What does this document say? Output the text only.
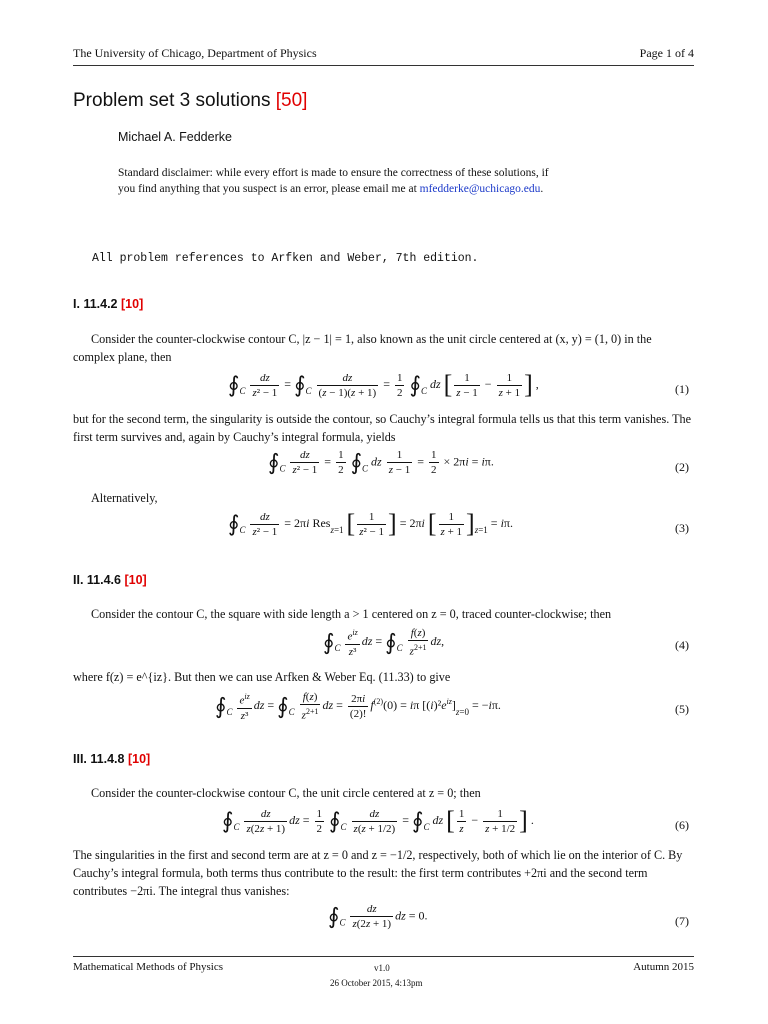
The University of Chicago, Department of Physics	Page 1 of 4
Problem set 3 solutions [50]
Michael A. Fedderke
Standard disclaimer: while every effort is made to ensure the correctness of these solutions, if you find anything that you suspect is an error, please email me at mfedderke@uchicago.edu.
All problem references to Arfken and Weber, 7th edition.
I. 11.4.2 [10]
Consider the counter-clockwise contour C, |z − 1| = 1, also known as the unit circle centered at (x, y) = (1, 0) in the complex plane, then
$∮_C \frac{dz}{\text{z² − 1}}$ = $∮_C \frac{dz}{(z - 1)(z + 1)} = \frac{1}{2}$ $∮_C$ dz [ $\frac{1}{z - 1} - \frac{1}{z + 1}$ ] ,	(1)
but for the second term, the singularity is outside the contour, so Cauchy’s integral formula tells us that this term vanishes. The first term survives and, again by Cauchy’s integral formula, yields
$∮_C \frac{dz}{\text{z² − 1}} = \frac{1}{2}$ $∮_C$ dz $\frac{1}{z - 1} = \frac{1}{2} \times 2\pi i = i\pi$.	(2)
Alternatively,
$∮_C \frac{dz}{\text{z² − 1}} = 2\pi i$ Res$_{z=1}$ [ $\frac{1}{\text{z² − 1}}$ ] = 2πi [ $\frac{1}{z + 1} ]_{z=1} = i\pi$.	(3)
II. 11.4.6 [10]
Consider the contour C, the square with side length a > 1 centered on z = 0, traced counter-clockwise; then
$∮_C \frac{e^{iz}}{\text{z³}}$ dz = $∮_C \frac{f(z)}{z^{2+1}}$ dz,	(4)
where f(z) = e^{iz}. But then we can use Arfken & Weber Eq. (11.33) to give
$∮_C \frac{e^{iz}}{\text{z³}}$ dz = $∮_C \frac{f(z)}{z^{2+1}}$ dz = $\frac{2\pi i}{(2)!} f^{(2)}(0) = i\pi$ $[(i)^2e^{iz}]_{z=0} = -i\pi$.	(5)
III. 11.4.8 [10]
Consider the counter-clockwise contour C, the unit circle centered at z = 0; then
$∮_C \frac{dz}{z(2z + 1)}$ dz = $\frac{1}{2}$ $∮_C \frac{dz}{z(z + 1/2)}$ = $∮_C$ dz [ $\frac{1}{z} - \frac{1}{z + 1/2}$ ] .	(6)
The singularities in the first and second term are at z = 0 and z = −1/2, respectively, both of which lie on the interior of C. By Cauchy’s integral formula, both terms thus contribute to the result: the first term contributes +2πi and the second term contributes −2πi. The integral thus vanishes:
$∮_C \frac{dz}{z(2z + 1)}$ dz = 0.	(7)
Mathematical Methods of Physics	v1.0	Autumn 2015
26 October 2015, 4:13pm
